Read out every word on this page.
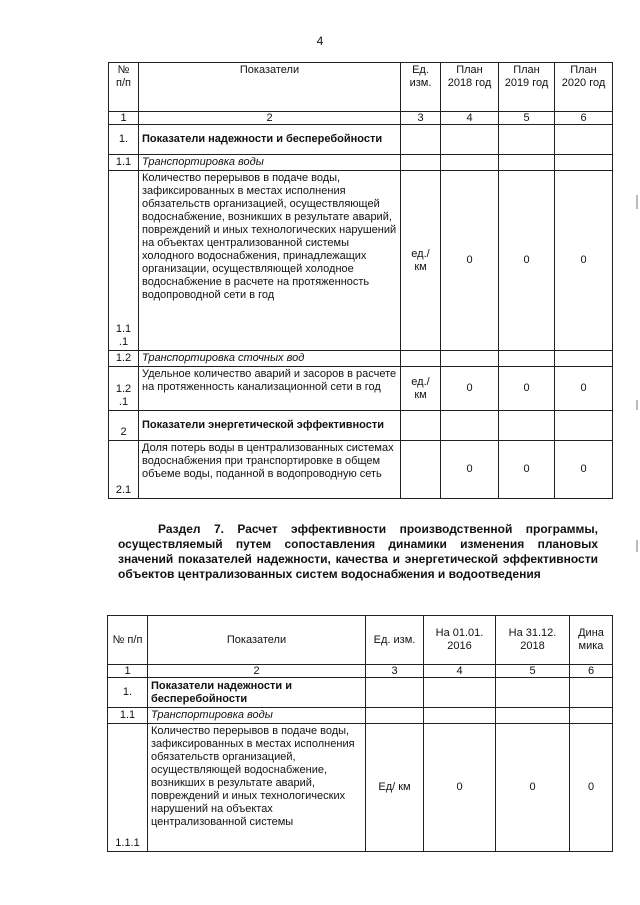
4
№ п/п	Показатели	Ед. изм.	План 2018 год	План 2019 год	План 2020 год
1	2	3	4	5	6
1.	Показатели надежности и бесперебойности				
1.1	Транспортировка воды				
1.1 .1	Количество перерывов в подаче воды, зафиксированных в местах исполнения обязательств организацией, осуществляющей водоснабжение, возникших в результате аварий, повреждений и иных технологических нарушений на объектах централизованной системы холодного водоснабжения, принадлежащих организации, осуществляющей холодное водоснабжение в расчете на протяженность водопроводной сети в год	ед./ км	0	0	0
1.2	Транспортировка сточных вод				
1.2 .1	Удельное количество аварий и засоров в расчете на протяженность канализационной сети в год	ед./ км	0	0	0
2	Показатели энергетической эффективности				
2.1	Доля потерь воды в централизованных системах водоснабжения при транспортировке в общем объеме воды, поданной в водопроводную сеть		0	0	0
Раздел 7. Расчет эффективности производственной программы, осуществляемый путем сопоставления динамики изменения плановых значений показателей надежности, качества и энергетической эффективности объектов централизованных систем водоснабжения и водоотведения
№ п/п	Показатели	Ед. изм.	На 01.01. 2016	На 31.12. 2018	Дина мика
1	2	3	4	5	6
1.	Показатели надежности и бесперебойности				
1.1	Транспортировка воды				
1.1.1	Количество перерывов в подаче воды, зафиксированных в местах исполнения обязательств организацией, осуществляющей водоснабжение, возникших в результате аварий, повреждений и иных технологических нарушений на объектах централизованной системы	Ед/ км	0	0	0
